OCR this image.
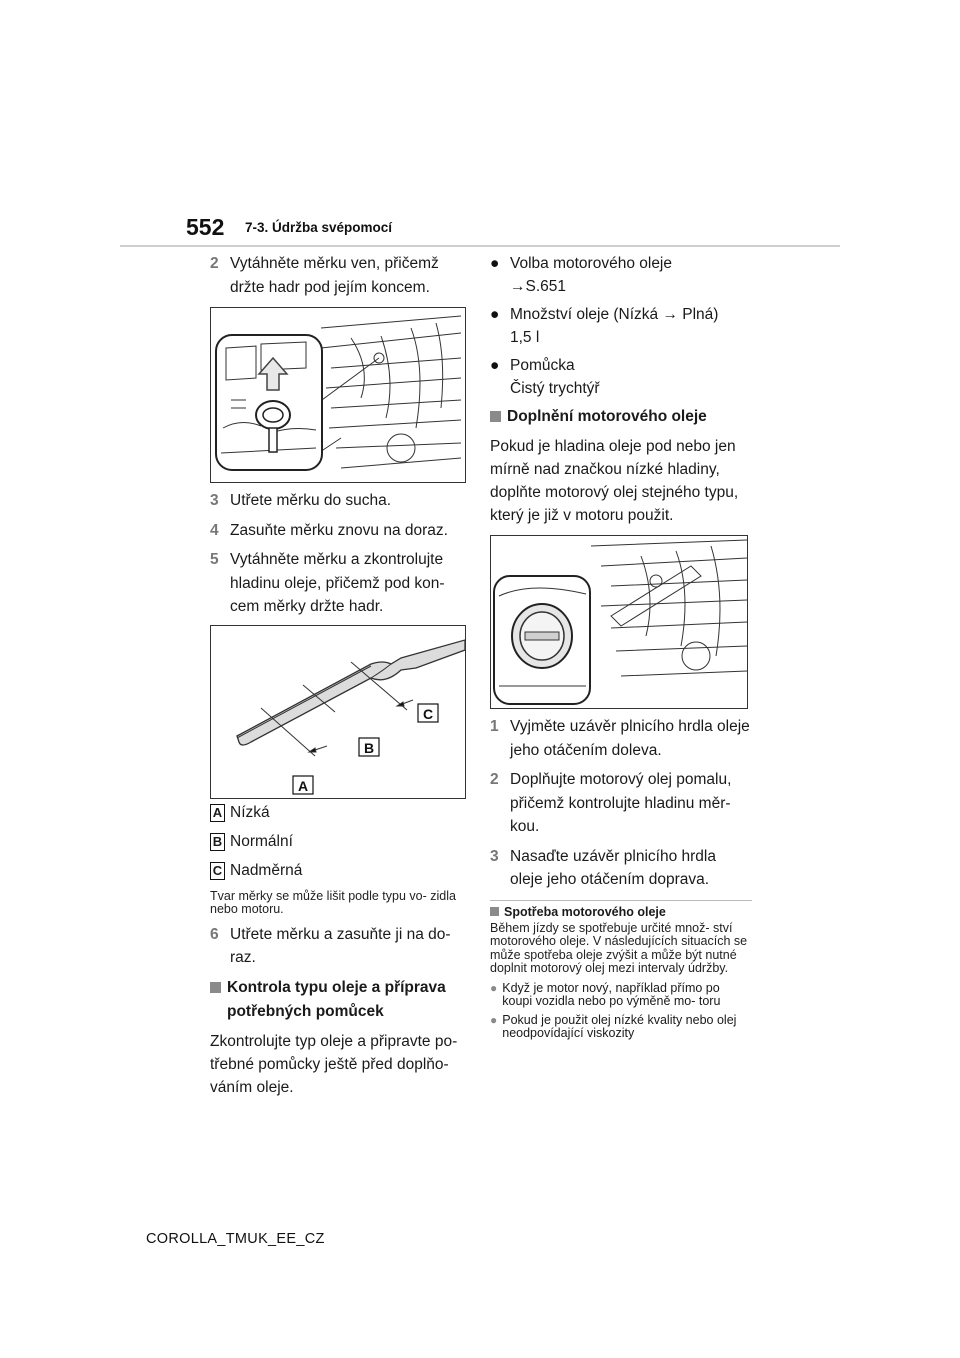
552 7-3. Údržba svépomocí
2 Vytáhněte měrku ven, přičemž držte hadr pod jejím koncem.
3 Utřete měrku do sucha.
4 Zasuňte měrku znovu na doraz.
5 Vytáhněte měrku a zkontrolujte hladinu oleje, přičemž pod kon- cem měrky držte hadr.
C
B
A
A Nízká
B Normální
C Nadměrná
Tvar měrky se může lišit podle typu vo- zidla nebo motoru.
6 Utřete měrku a zasuňte ji na do- raz.
Kontrola typu oleje a příprava potřebných pomůcek
Zkontrolujte typ oleje a připravte po- třebné pomůcky ještě před doplňo- váním oleje.
● Volba motorového oleje
→S.651
● Množství oleje (Nízká → Plná)
1,5 l
● Pomůcka
Čistý trychtýř
Doplnění motorového oleje
Pokud je hladina oleje pod nebo jen mírně nad značkou nízké hladiny, doplňte motorový olej stejného typu, který je již v motoru použit.
1 Vyjměte uzávěr plnicího hrdla oleje jeho otáčením doleva.
2 Doplňujte motorový olej pomalu, přičemž kontrolujte hladinu měr- kou.
3 Nasaďte uzávěr plnicího hrdla oleje jeho otáčením doprava.
Spotřeba motorového oleje
Během jízdy se spotřebuje určité množ- ství motorového oleje. V následujících situacích se může spotřeba oleje zvýšit a může být nutné doplnit motorový olej mezi intervaly údržby.
● Když je motor nový, například přímo po koupi vozidla nebo po výměně mo- toru
● Pokud je použit olej nízké kvality nebo olej neodpovídající viskozity
COROLLA_TMUK_EE_CZ
